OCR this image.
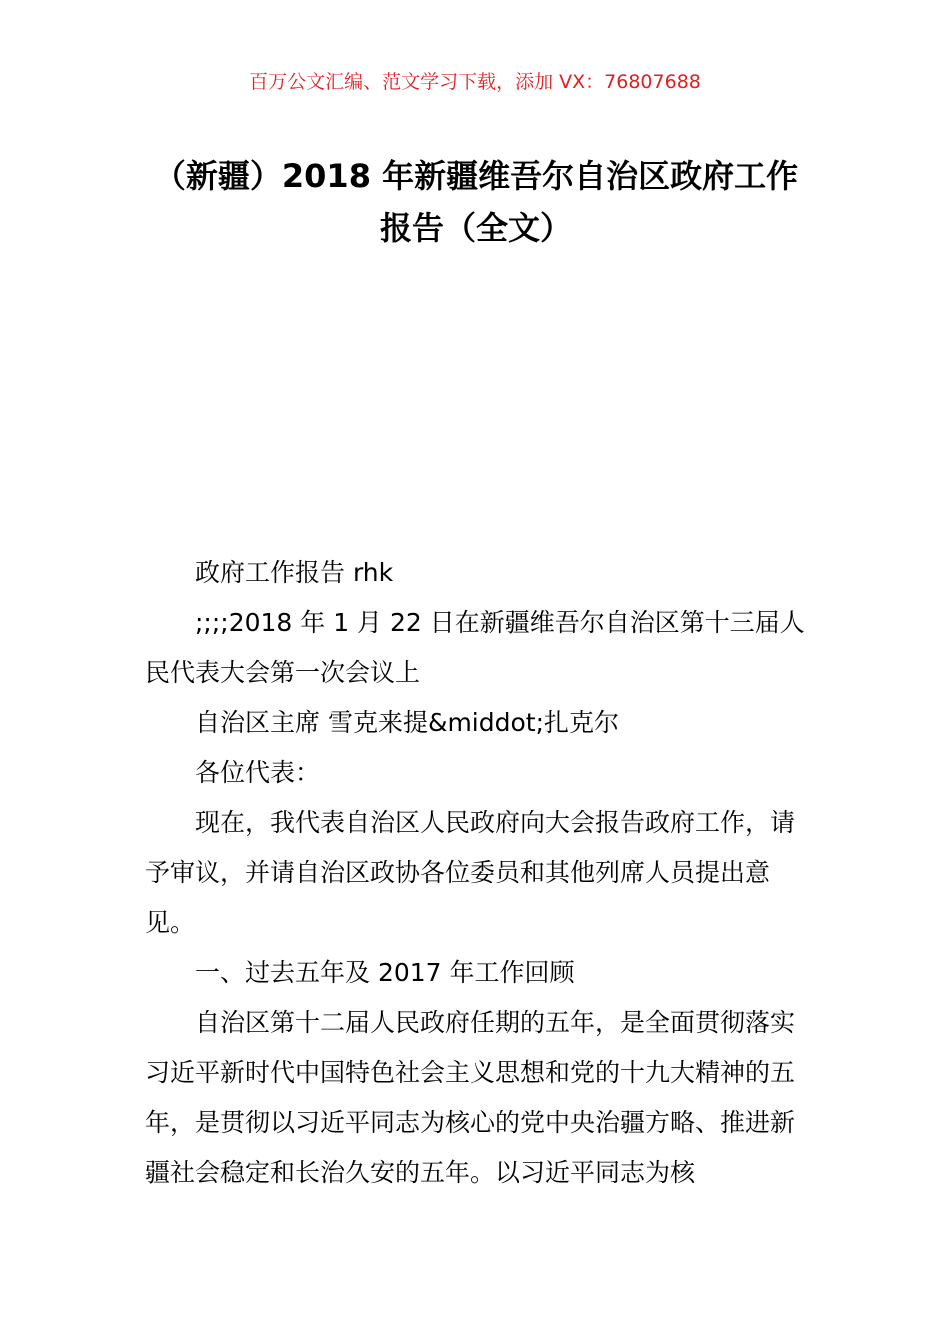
百万公文汇编、范文学习下载，添加 VX：76807688
（新疆）2018 年新疆维吾尔自治区政府工作报告（全文）

政府工作报告 rhk

;;;;2018 年 1 月 22 日在新疆维吾尔自治区第十三届人民代表大会第一次会议上

自治区主席 雪克来提&middot;扎克尔

各位代表：

现在，我代表自治区人民政府向大会报告政府工作，请予审议，并请自治区政协各位委员和其他列席人员提出意见。

一、过去五年及 2017 年工作回顾

自治区第十二届人民政府任期的五年，是全面贯彻落实习近平新时代中国特色社会主义思想和党的十九大精神的五年，是贯彻以习近平同志为核心的党中央治疆方略、推进新疆社会稳定和长治久安的五年。以习近平同志为核
